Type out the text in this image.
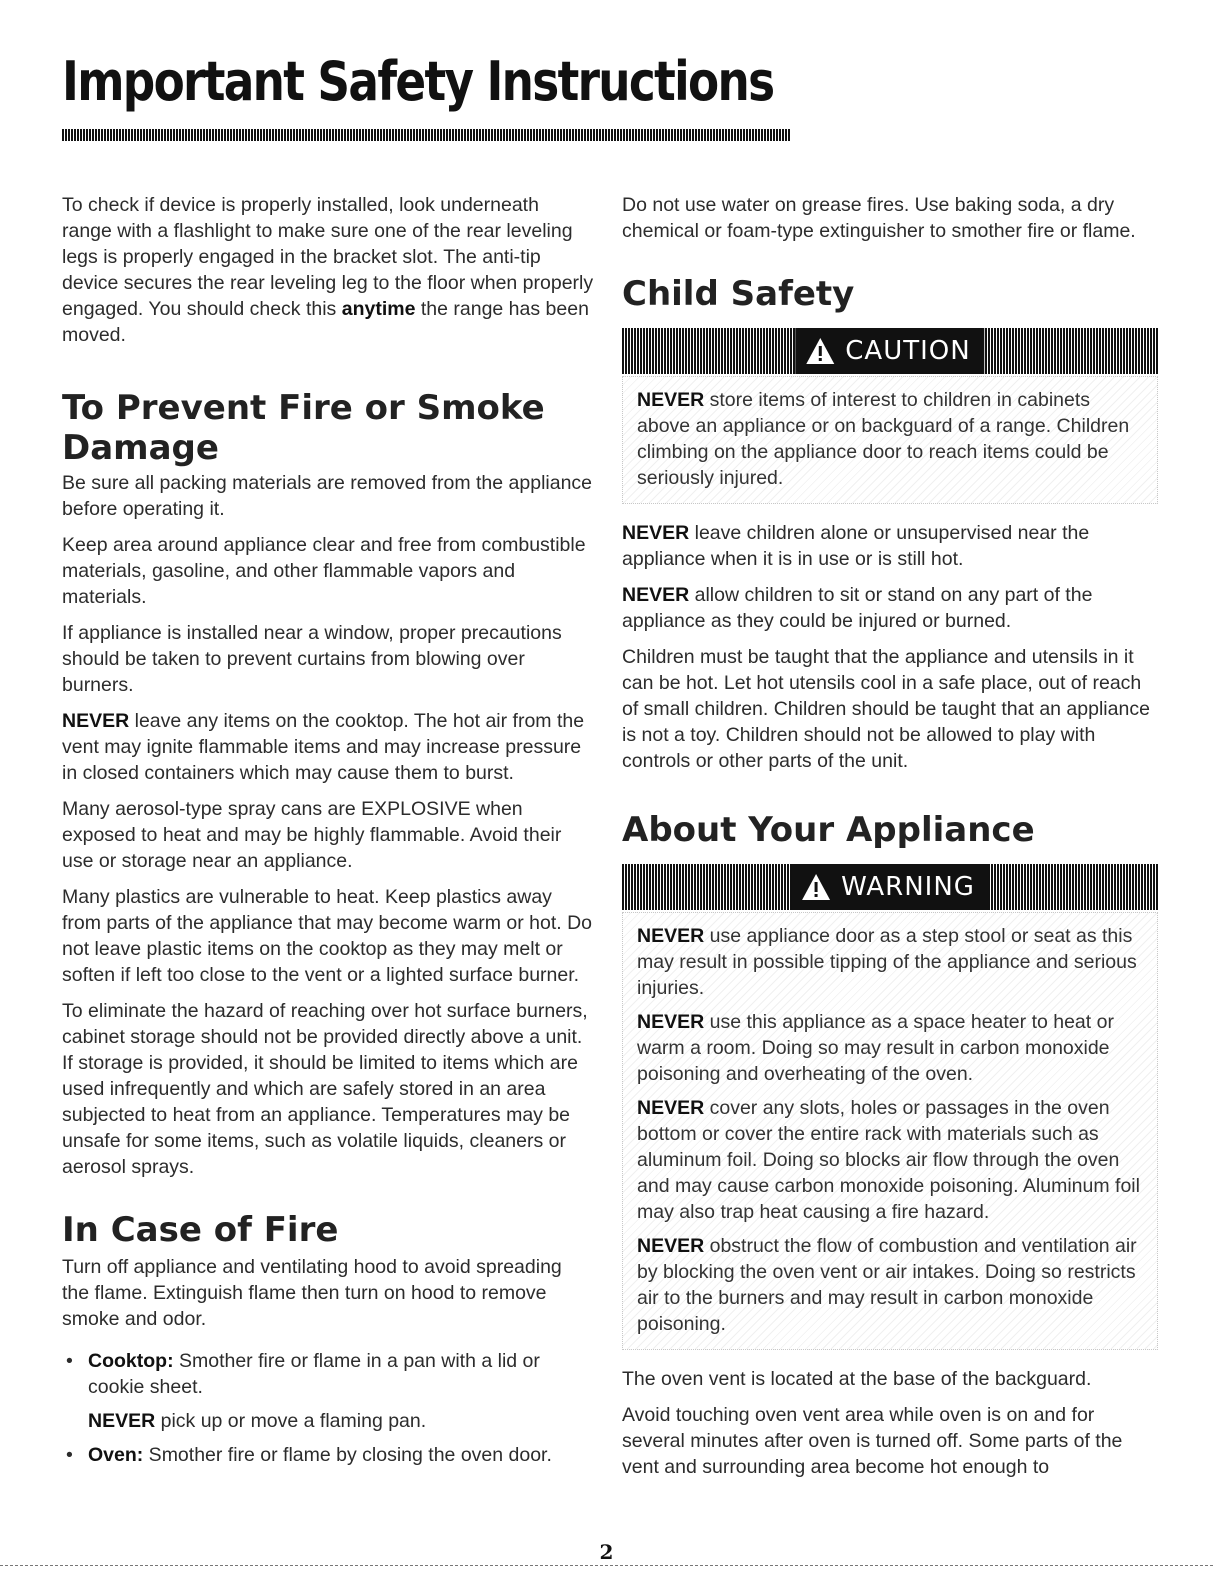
Important Safety Instructions

To check if device is properly installed, look underneath range with a flashlight to make sure one of the rear leveling legs is properly engaged in the bracket slot. The anti-tip device secures the rear leveling leg to the floor when properly engaged. You should check this anytime the range has been moved.

To Prevent Fire or Smoke Damage

Be sure all packing materials are removed from the appliance before operating it.

Keep area around appliance clear and free from combustible materials, gasoline, and other flammable vapors and materials.

If appliance is installed near a window, proper precautions should be taken to prevent curtains from blowing over burners.

NEVER leave any items on the cooktop. The hot air from the vent may ignite flammable items and may increase pressure in closed containers which may cause them to burst.

Many aerosol-type spray cans are EXPLOSIVE when exposed to heat and may be highly flammable. Avoid their use or storage near an appliance.

Many plastics are vulnerable to heat. Keep plastics away from parts of the appliance that may become warm or hot. Do not leave plastic items on the cooktop as they may melt or soften if left too close to the vent or a lighted surface burner.

To eliminate the hazard of reaching over hot surface burners, cabinet storage should not be provided directly above a unit. If storage is provided, it should be limited to items which are used infrequently and which are safely stored in an area subjected to heat from an appliance. Temperatures may be unsafe for some items, such as volatile liquids, cleaners or aerosol sprays.

In Case of Fire

Turn off appliance and ventilating hood to avoid spreading the flame. Extinguish flame then turn on hood to remove smoke and odor.

• Cooktop: Smother fire or flame in a pan with a lid or cookie sheet.
NEVER pick up or move a flaming pan.
• Oven: Smother fire or flame by closing the oven door.

Do not use water on grease fires. Use baking soda, a dry chemical or foam-type extinguisher to smother fire or flame.

Child Safety
CAUTION

NEVER store items of interest to children in cabinets above an appliance or on backguard of a range. Children climbing on the appliance door to reach items could be seriously injured.

NEVER leave children alone or unsupervised near the appliance when it is in use or is still hot.

NEVER allow children to sit or stand on any part of the appliance as they could be injured or burned.

Children must be taught that the appliance and utensils in it can be hot. Let hot utensils cool in a safe place, out of reach of small children. Children should be taught that an appliance is not a toy. Children should not be allowed to play with controls or other parts of the unit.

About Your Appliance
WARNING

NEVER use appliance door as a step stool or seat as this may result in possible tipping of the appliance and serious injuries.

NEVER use this appliance as a space heater to heat or warm a room. Doing so may result in carbon monoxide poisoning and overheating of the oven.

NEVER cover any slots, holes or passages in the oven bottom or cover the entire rack with materials such as aluminum foil. Doing so blocks air flow through the oven and may cause carbon monoxide poisoning. Aluminum foil may also trap heat causing a fire hazard.

NEVER obstruct the flow of combustion and ventilation air by blocking the oven vent or air intakes. Doing so restricts air to the burners and may result in carbon monoxide poisoning.

The oven vent is located at the base of the backguard.

Avoid touching oven vent area while oven is on and for several minutes after oven is turned off. Some parts of the vent and surrounding area become hot enough to

2
